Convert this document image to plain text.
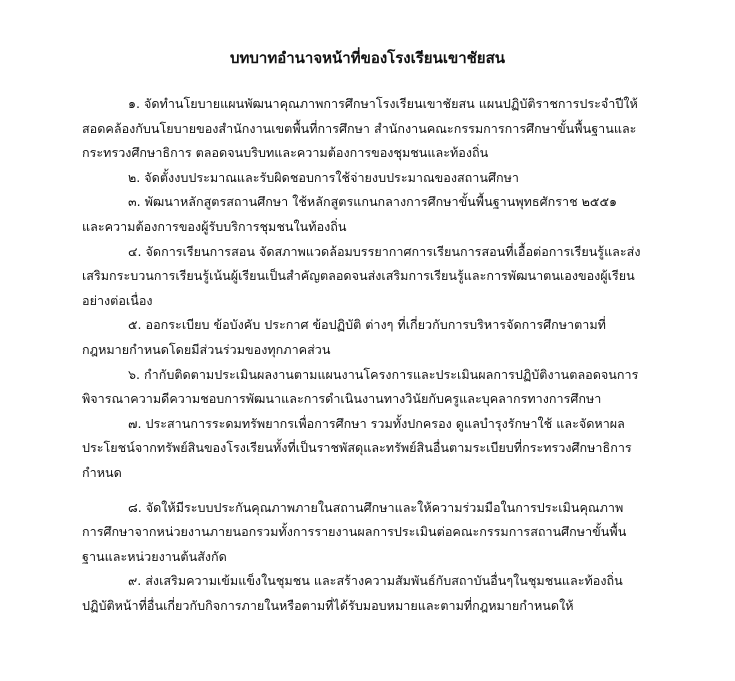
บทบาทอำนาจหน้าที่ของโรงเรียนเขาชัยสน

๑. จัดทำนโยบายแผนพัฒนาคุณภาพการศึกษาโรงเรียนเขาชัยสน แผนปฏิบัติราชการประจำปีให้สอดคล้องกับนโยบายของสำนักงานเขตพื้นที่การศึกษา สำนักงานคณะกรรมการการศึกษาขั้นพื้นฐานและกระทรวงศึกษาธิการ ตลอดจนบริบทและความต้องการของชุมชนและท้องถิ่น

๒. จัดตั้งงบประมาณและรับผิดชอบการใช้จ่ายงบประมาณของสถานศึกษา

๓. พัฒนาหลักสูตรสถานศึกษา ใช้หลักสูตรแกนกลางการศึกษาขั้นพื้นฐานพุทธศักราช ๒๕๕๑ และความต้องการของผู้รับบริการชุมชนในท้องถิ่น

๔. จัดการเรียนการสอน จัดสภาพแวดล้อมบรรยากาศการเรียนการสอนที่เอื้อต่อการเรียนรู้และส่งเสริมกระบวนการเรียนรู้เน้นผู้เรียนเป็นสำคัญตลอดจนส่งเสริมการเรียนรู้และการพัฒนาตนเองของผู้เรียนอย่างต่อเนื่อง

๕. ออกระเบียบ ข้อบังคับ ประกาศ ข้อปฏิบัติ ต่างๆ ที่เกี่ยวกับการบริหารจัดการศึกษาตามที่กฎหมายกำหนดโดยมีส่วนร่วมของทุกภาคส่วน

๖. กำกับติดตามประเมินผลงานตามแผนงานโครงการและประเมินผลการปฏิบัติงานตลอดจนการพิจารณาความดีความชอบการพัฒนาและการดำเนินงานทางวินัยกับครูและบุคลากรทางการศึกษา

๗. ประสานการระดมทรัพยากรเพื่อการศึกษา รวมทั้งปกครอง ดูแลบำรุงรักษาใช้ และจัดหาผลประโยชน์จากทรัพย์สินของโรงเรียนทั้งที่เป็นราชพัสดุและทรัพย์สินอื่นตามระเบียบที่กระทรวงศึกษาธิการกำหนด

๘. จัดให้มีระบบประกันคุณภาพภายในสถานศึกษาและให้ความร่วมมือในการประเมินคุณภาพการศึกษาจากหน่วยงานภายนอกรวมทั้งการรายงานผลการประเมินต่อคณะกรรมการสถานศึกษาขั้นพื้นฐานและหน่วยงานต้นสังกัด

๙. ส่งเสริมความเข้มแข็งในชุมชน และสร้างความสัมพันธ์กับสถาบันอื่นๆในชุมชนและท้องถิ่นปฏิบัติหน้าที่อื่นเกี่ยวกับกิจการภายในหรือตามที่ได้รับมอบหมายและตามที่กฎหมายกำหนดให้
